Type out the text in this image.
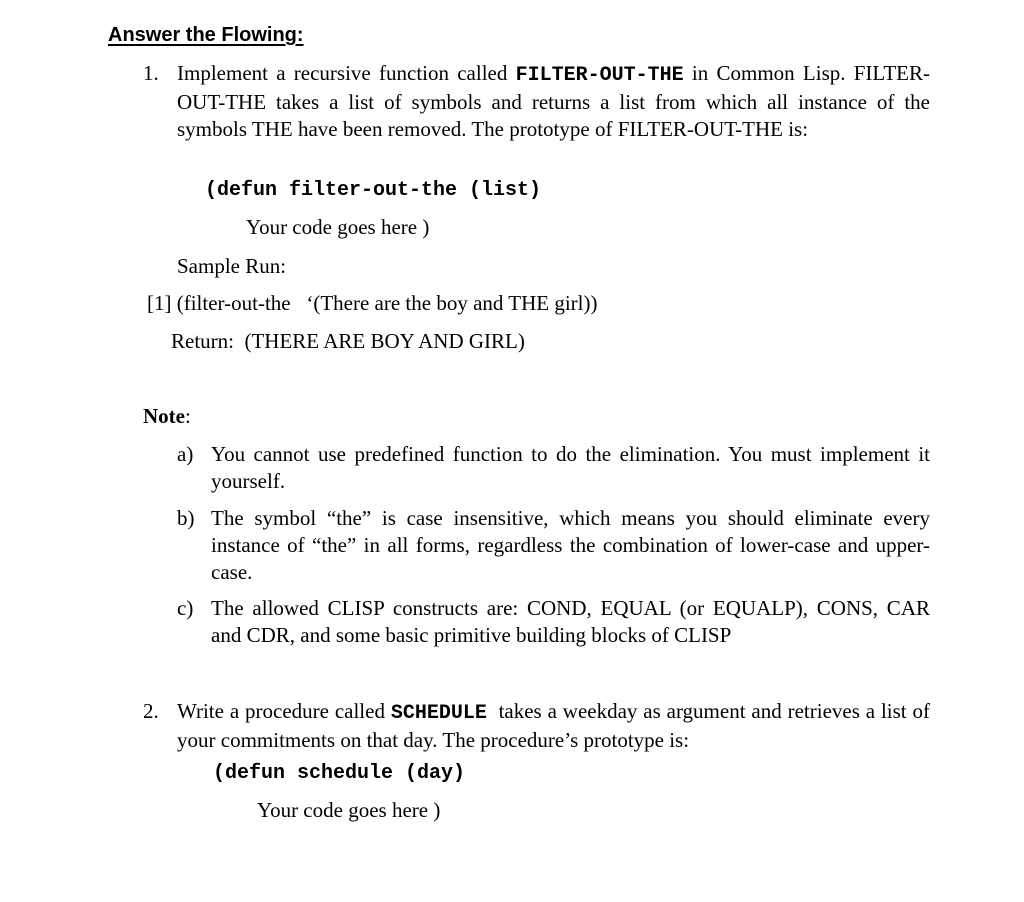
Answer the Flowing:
1. Implement a recursive function called FILTER-OUT-THE in Common Lisp. FILTER-OUT-THE takes a list of symbols and returns a list from which all instance of the symbols THE have been removed. The prototype of FILTER-OUT-THE is:
(defun filter-out-the (list)
Your code goes here )
Sample Run:
[1] (filter-out-the   ‘(There are the boy and THE girl))
Return:  (THERE ARE BOY AND GIRL)
Note:
a) You cannot use predefined function to do the elimination. You must implement it yourself.
b) The symbol “the” is case insensitive, which means you should eliminate every instance of “the” in all forms, regardless the combination of lower-case and upper-case.
c) The allowed CLISP constructs are: COND, EQUAL (or EQUALP), CONS, CAR and CDR, and some basic primitive building blocks of CLISP
2. Write a procedure called SCHEDULE  takes a weekday as argument and retrieves a list of your commitments on that day. The procedure’s prototype is:
(defun schedule (day)
Your code goes here )
